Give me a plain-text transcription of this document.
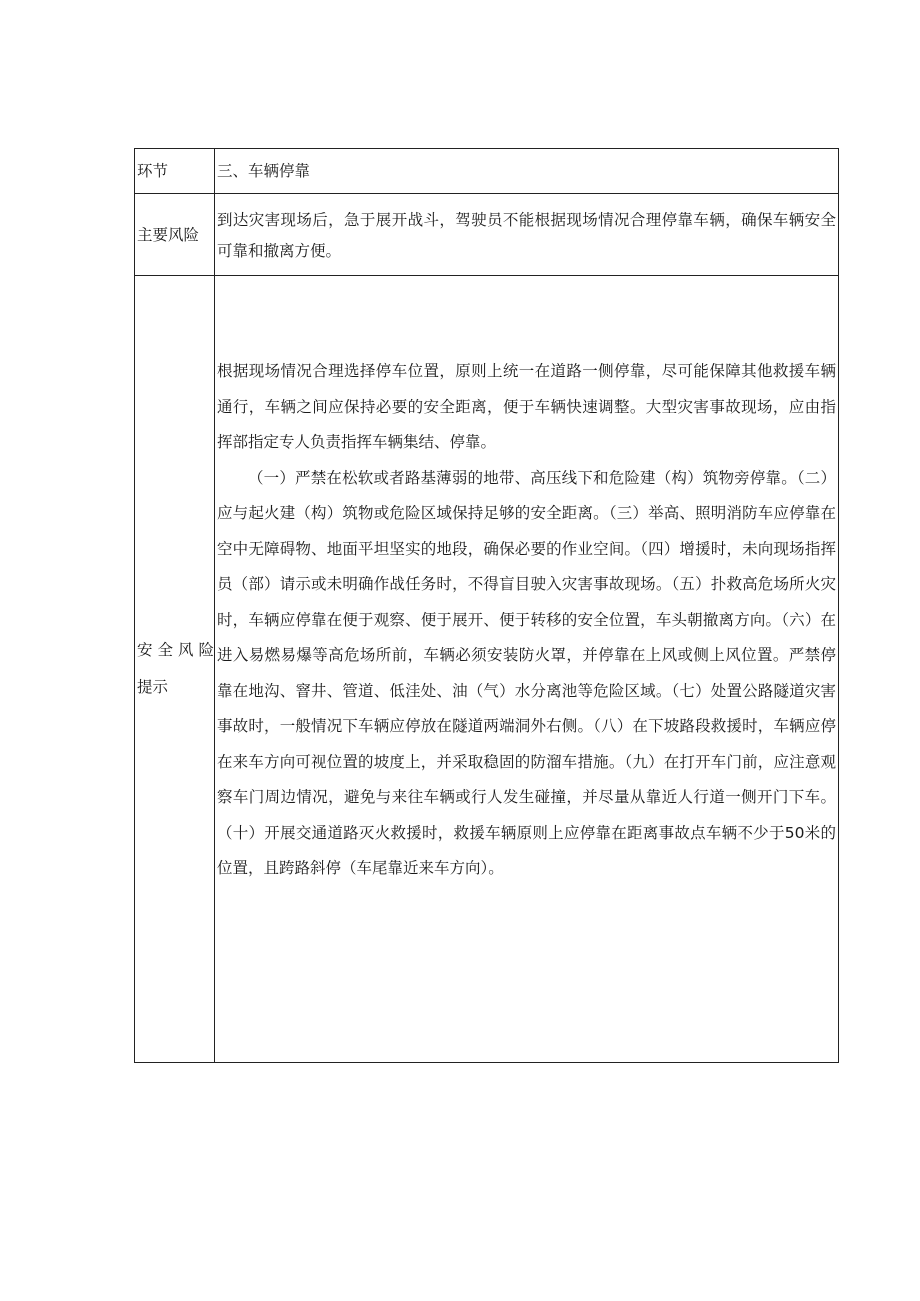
环节	三、车辆停靠
主要风险	到达灾害现场后，急于展开战斗，驾驶员不能根据现场情况合理停靠车辆，确保车辆安全可靠和撤离方便。

安全风险
提示	根据现场情况合理选择停车位置，原则上统一在道路一侧停靠，尽可能保障其他救援车辆通行，车辆之间应保持必要的安全距离，便于车辆快速调整。大型灾害事故现场，应由指挥部指定专人负责指挥车辆集结、停靠。
（一）严禁在松软或者路基薄弱的地带、高压线下和危险建（构）筑物旁停靠。（二）应与起火建（构）筑物或危险区域保持足够的安全距离。（三）举高、照明消防车应停靠在空中无障碍物、地面平坦坚实的地段，确保必要的作业空间。（四）增援时，未向现场指挥员（部）请示或未明确作战任务时，不得盲目驶入灾害事故现场。（五）扑救高危场所火灾时，车辆应停靠在便于观察、便于展开、便于转移的安全位置，车头朝撤离方向。（六）在进入易燃易爆等高危场所前，车辆必须安装防火罩，并停靠在上风或侧上风位置。严禁停靠在地沟、窨井、管道、低洼处、油（气）水分离池等危险区域。（七）处置公路隧道灾害事故时，一般情况下车辆应停放在隧道两端洞外右侧。（八）在下坡路段救援时，车辆应停在来车方向可视位置的坡度上，并采取稳固的防溜车措施。（九）在打开车门前，应注意观察车门周边情况，避免与来往车辆或行人发生碰撞，并尽量从靠近人行道一侧开门下车。（十）开展交通道路灭火救援时，救援车辆原则上应停靠在距离事故点车辆不少于50米的位置，且跨路斜停（车尾靠近来车方向）。
